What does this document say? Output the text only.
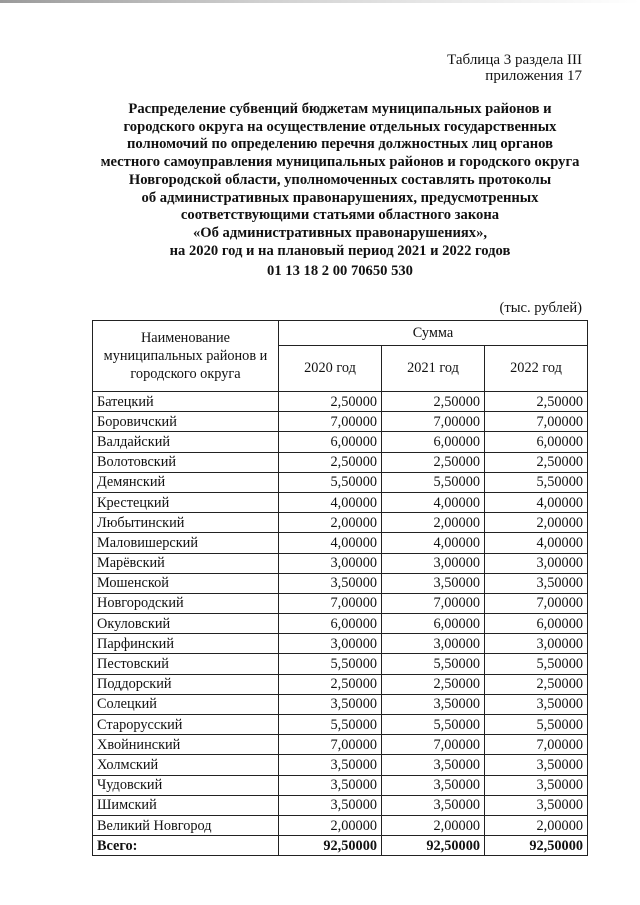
Таблица 3 раздела III
приложения 17
Распределение субвенций бюджетам муниципальных районов и
городского округа на осуществление отдельных государственных
полномочий по определению перечня должностных лиц органов
местного самоуправления муниципальных районов и городского округа
Новгородской области, уполномоченных составлять протоколы
об административных правонарушениях, предусмотренных
соответствующими статьями областного закона
«Об административных правонарушениях»,
на 2020 год и на плановый период 2021 и 2022 годов
01 13 18 2 00 70650 530
(тыс. рублей)
Наименование муниципальных районов и городского округа	Сумма		
	2020 год	2021 год	2022 год
Батецкий	2,50000	2,50000	2,50000
Боровичский	7,00000	7,00000	7,00000
Валдайский	6,00000	6,00000	6,00000
Волотовский	2,50000	2,50000	2,50000
Демянский	5,50000	5,50000	5,50000
Крестецкий	4,00000	4,00000	4,00000
Любытинский	2,00000	2,00000	2,00000
Маловишерский	4,00000	4,00000	4,00000
Марёвский	3,00000	3,00000	3,00000
Мошенской	3,50000	3,50000	3,50000
Новгородский	7,00000	7,00000	7,00000
Окуловский	6,00000	6,00000	6,00000
Парфинский	3,00000	3,00000	3,00000
Пестовский	5,50000	5,50000	5,50000
Поддорский	2,50000	2,50000	2,50000
Солецкий	3,50000	3,50000	3,50000
Старорусский	5,50000	5,50000	5,50000
Хвойнинский	7,00000	7,00000	7,00000
Холмский	3,50000	3,50000	3,50000
Чудовский	3,50000	3,50000	3,50000
Шимский	3,50000	3,50000	3,50000
Великий Новгород	2,00000	2,00000	2,00000
Всего:	92,50000	92,50000	92,50000
